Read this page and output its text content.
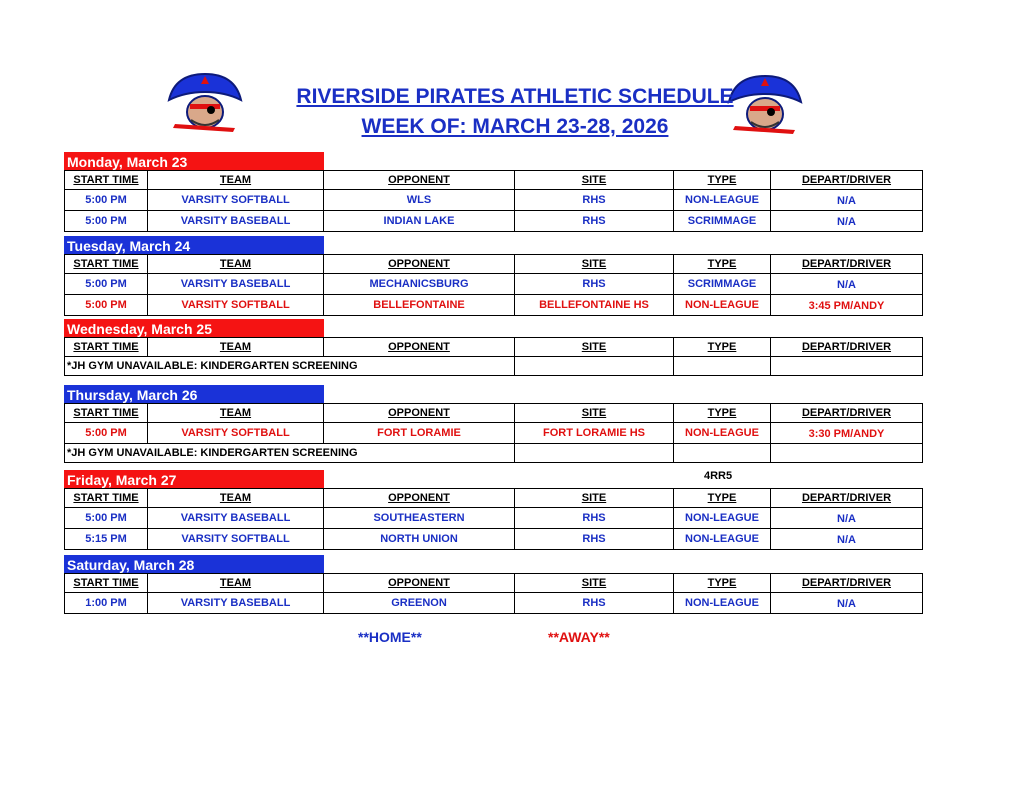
RIVERSIDE PIRATES ATHLETIC SCHEDULE
WEEK OF: MARCH 23-28, 2026
Monday, March 23
START TIME	TEAM	OPPONENT	SITE	TYPE	DEPART/DRIVER
5:00 PM	VARSITY SOFTBALL	WLS	RHS	NON-LEAGUE	N/A
5:00 PM	VARSITY BASEBALL	INDIAN LAKE	RHS	SCRIMMAGE	N/A
Tuesday, March 24
START TIME	TEAM	OPPONENT	SITE	TYPE	DEPART/DRIVER
5:00 PM	VARSITY BASEBALL	MECHANICSBURG	RHS	SCRIMMAGE	N/A
5:00 PM	VARSITY SOFTBALL	BELLEFONTAINE	BELLEFONTAINE HS	NON-LEAGUE	3:45 PM/ANDY
Wednesday, March 25
START TIME	TEAM	OPPONENT	SITE	TYPE	DEPART/DRIVER
*JH GYM UNAVAILABLE: KINDERGARTEN SCREENING					
Thursday, March 26
START TIME	TEAM	OPPONENT	SITE	TYPE	DEPART/DRIVER
5:00 PM	VARSITY SOFTBALL	FORT LORAMIE	FORT LORAMIE HS	NON-LEAGUE	3:30 PM/ANDY
*JH GYM UNAVAILABLE: KINDERGARTEN SCREENING					
Friday, March 27	4RR5
START TIME	TEAM	OPPONENT	SITE	TYPE	DEPART/DRIVER
5:00 PM	VARSITY BASEBALL	SOUTHEASTERN	RHS	NON-LEAGUE	N/A
5:15 PM	VARSITY SOFTBALL	NORTH UNION	RHS	NON-LEAGUE	N/A
Saturday, March 28
START TIME	TEAM	OPPONENT	SITE	TYPE	DEPART/DRIVER
1:00 PM	VARSITY BASEBALL	GREENON	RHS	NON-LEAGUE	N/A
**HOME**	**AWAY**
